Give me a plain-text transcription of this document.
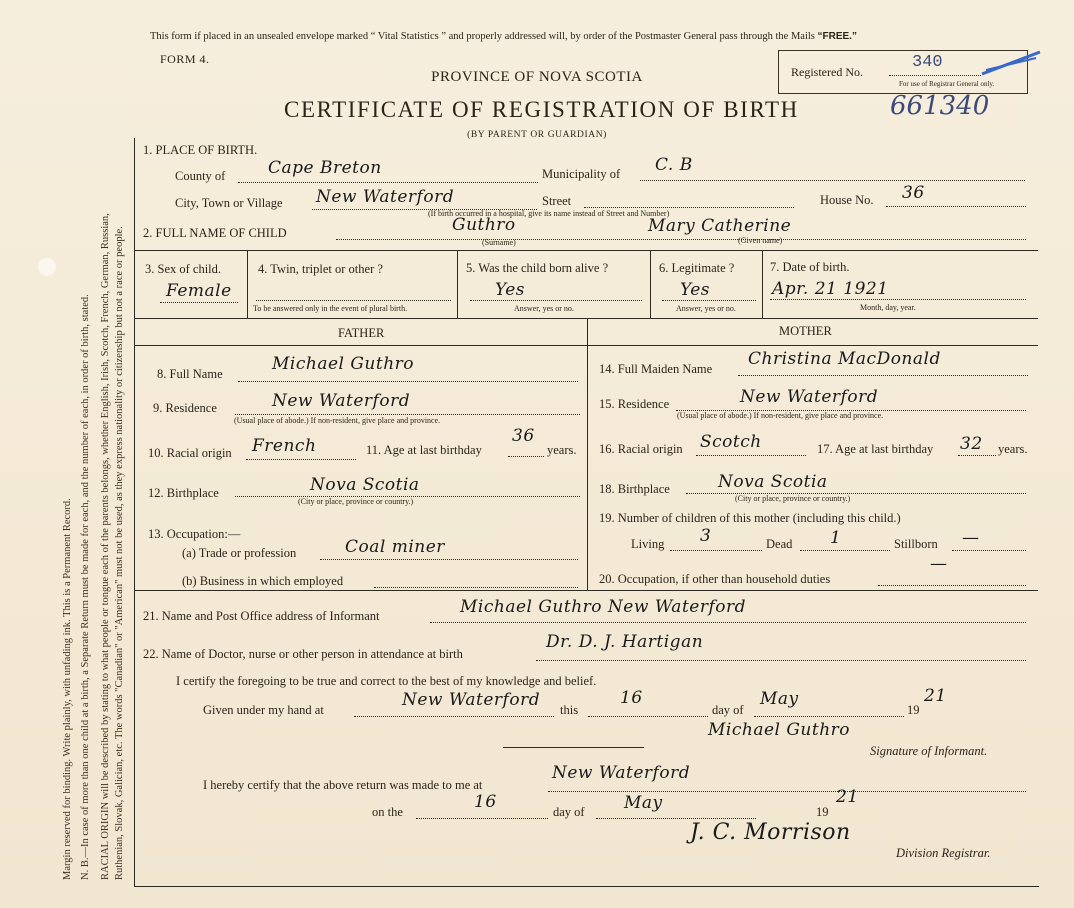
Margin reserved for binding. Write plainly, with unfading ink. This is a Permanent Record. N. B.—In case of more than one child at a birth, a Separate Return must be made for each, and the number of each, in order of birth, stated. RACIAL ORIGIN will be described by stating to what people or tongue each of the parents belongs, whether English, Irish, Scotch, French, German, Russian, Ruthenian, Slovak, Galician, etc. The words "Canadian" or "American" must not be used, as they express nationality or citizenship but not a race or people.
This form if placed in an unsealed envelope marked “ Vital Statistics ” and properly addressed will, by order of the Postmaster General pass through the Mails “FREE.”
FORM 4.
Registered No.	340
For use of Registrar General only.
PROVINCE OF NOVA SCOTIA
CERTIFICATE OF REGISTRATION OF BIRTH	661340
(BY PARENT OR GUARDIAN)
1. PLACE OF BIRTH.
County of	Cape Breton	Municipality of C. B
City, Town or Village New Waterford	Street	House No. 36
(If birth occurred in a hospital, give its name instead of Street and Number)
2. FULL NAME OF CHILD	Guthro
(Surname)
Mary Catherine
(Given name)
3. Sex of child.
Female
4. Twin, triplet or other ?
To be answered only in the event of plural birth.
5. Was the child born alive ?
Yes
Answer, yes or no.
6. Legitimate ?
Yes
Answer, yes or no.
7. Date of birth.
Apr. 21 1921
Month, day, year.
FATHER	MOTHER
8. Full Name	Michael Guthro
9. Residence	New Waterford
(Usual place of abode.) If non-resident, give place and province.
10. Racial origin French	11. Age at last birthday
36
years.
12. Birthplace	Nova Scotia
(City or place, province or country.)
13. Occupation:—
(a) Trade or profession	Coal miner
(b) Business in which employed
14. Full Maiden Name Christina MacDonald
15. Residence	New Waterford
(Usual place of abode.) If non-resident, give place and province.
16. Racial origin Scotch	17. Age at last birthday 32 years.
18. Birthplace	Nova Scotia
(City or place, province or country.)
19. Number of children of this mother (including this child.)
Living 3	Dead 1	Stillborn —
20. Occupation, if other than household duties
—
21. Name and Post Office address of Informant	Michael Guthro New Waterford
22. Name of Doctor, nurse or other person in attendance at birth
Dr. D. J. Hartigan
I certify the foregoing to be true and correct to the best of my knowledge and belief.
Given under my hand at	New Waterford this
16
day of
May
19
21
Michael Guthro
Signature of Informant.
I hereby certify that the above return was made to me at
New Waterford
on the	16	day of May	19
21
J. C. Morrison
Division Registrar.
